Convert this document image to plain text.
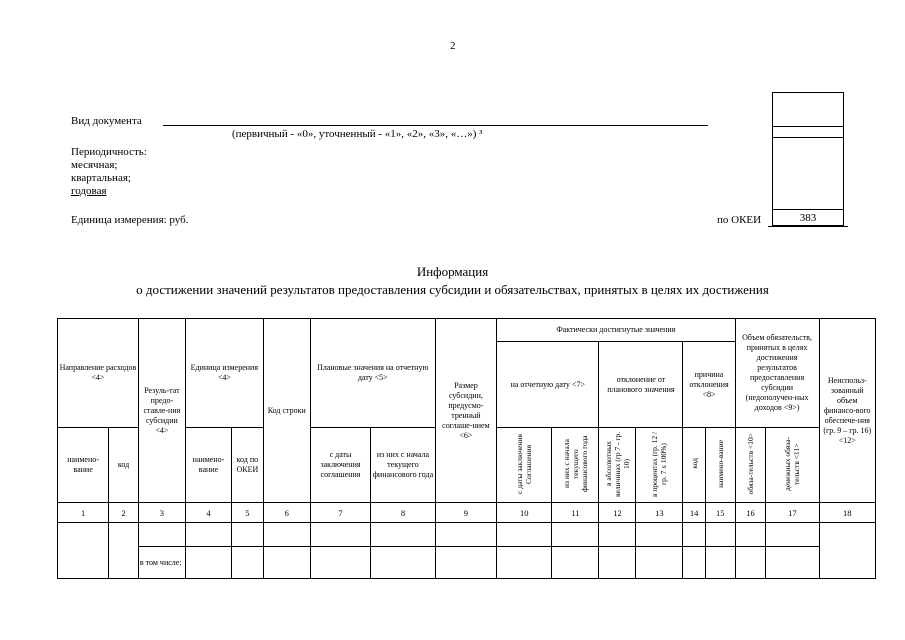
2
Вид документа
(первичный - «0», уточненный - «1», «2», «3», «…») ³
Периодичность:
месячная;
квартальная;
годовая
Единица измерения: руб.	по ОКЕИ	383
Информация
о достижении значений результатов предоставления субсидии и обязательствах, принятых в целях их достижения
Направление расходов <4>		Резуль-тат предо-ставле-ния субсидии <4>	Единица измерения <4>		Код строки	Плановые значения на отчетную дату <5>		Размер субсидии, предусмо-тренный соглаше-нием <6>	Фактически достигнутые значения						Объем обязательств, принятых в целях достижения результатов предоставления субсидии (недополучен-ных доходов <9>)		Неиспольз-зованный объем финансо-вого обеспече-ния (гр. 9 – гр. 16) <12>
									на отчетную дату <7>		отклонение от планового значения		причина отклонения <8>				
наимено-вание	код		наимено-вание	код по ОКЕИ		с даты заключения соглашения	из них с начала текущего финансового года		с даты заключения Соглашения	из них с начала текущего финансового года	в абсолютных величинах (гр 7 - гр. 10)	в процентах (гр. 12 / гр. 7 х 100%)	код	наимено-вание	обяза-тельств <10>	денежных обяза-тельств <11>	
1	2	3	4	5	6	7	8	9	10	11	12	13	14	15	16	17	18

		в том числе:															
